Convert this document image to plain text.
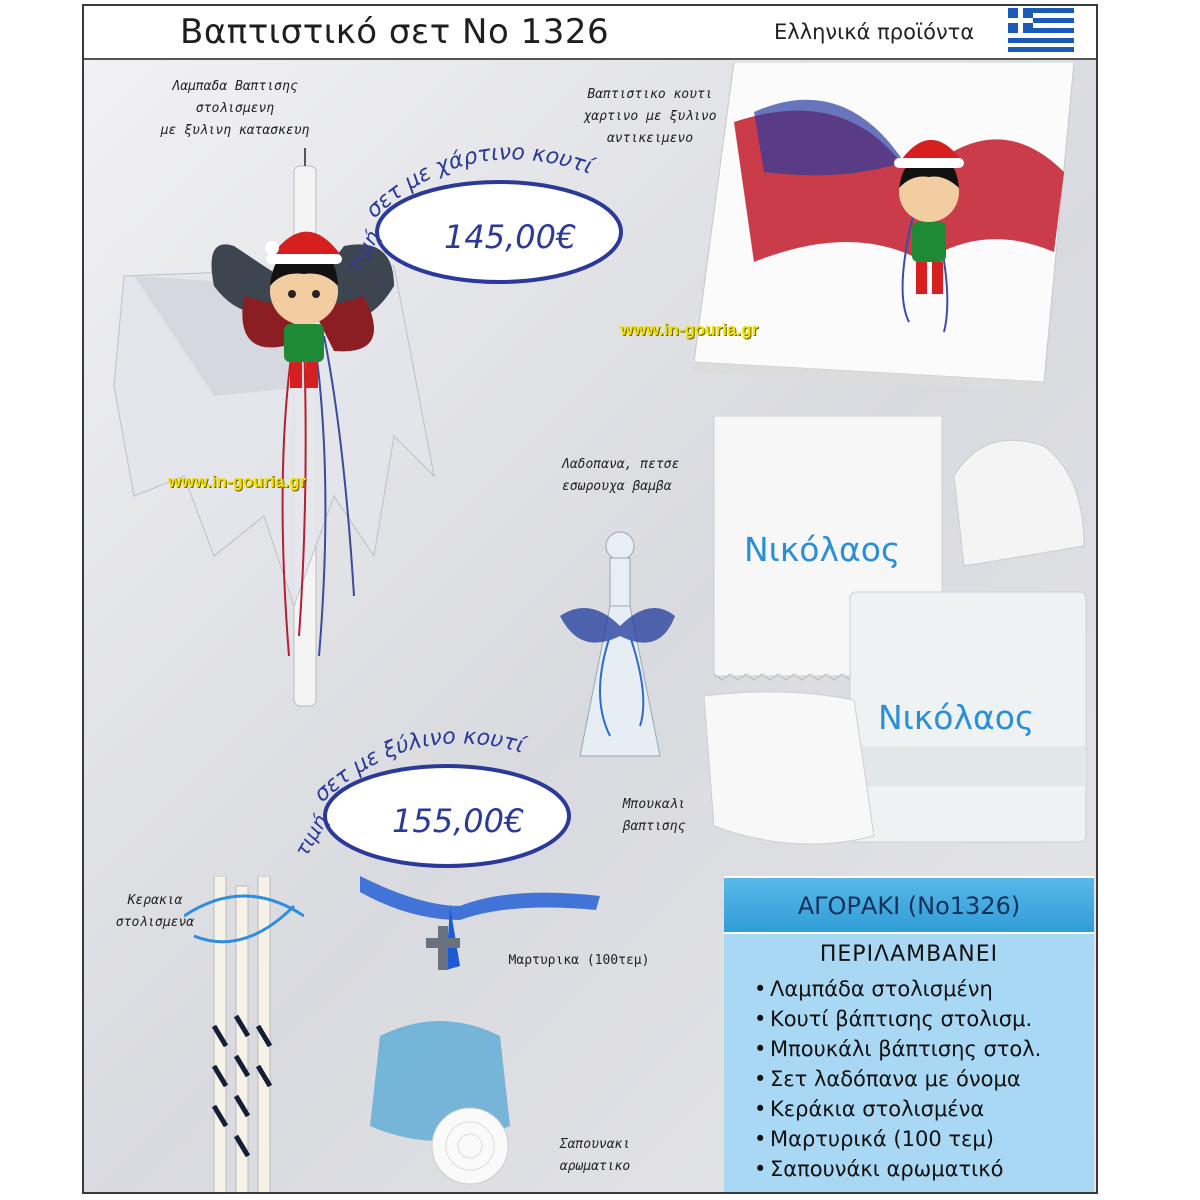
Βαπτιστικό σετ Νο 1326	Ελληνικά προϊόντα
Λαμπαδα Βαπτισης
στολισμενη
με ξυλινη κατασκευη
Βαπτιστικο κουτι
χαρτινο με ξυλινο
αντικειμενο
Λαδοπανα, πετσε
εσωρουχα βαμβα
Μπουκαλι
βαπτισης
Κερακια
στολισμενα
Μαρτυρικα (100τεμ)
Σαπουνακι
αρωματικο
www.in-gouria.gr
www.in-gouria.gr
σετ με χάρτινο κουτί
τιμή 145,00€
σετ με ξύλινο κουτί
τιμή 155,00€
Νικόλαος
Νικόλαος
ΑΓΟΡΑΚΙ (Νο1326)
ΠΕΡΙΛΑΜΒΑΝΕΙ
• Λαμπάδα στολισμένη
• Κουτί βάπτισης στολισμ.
• Μπουκάλι βάπτισης στολ.
• Σετ λαδόπανα με όνομα
• Κεράκια στολισμένα
• Μαρτυρικά (100 τεμ)
• Σαπουνάκι αρωματικό
